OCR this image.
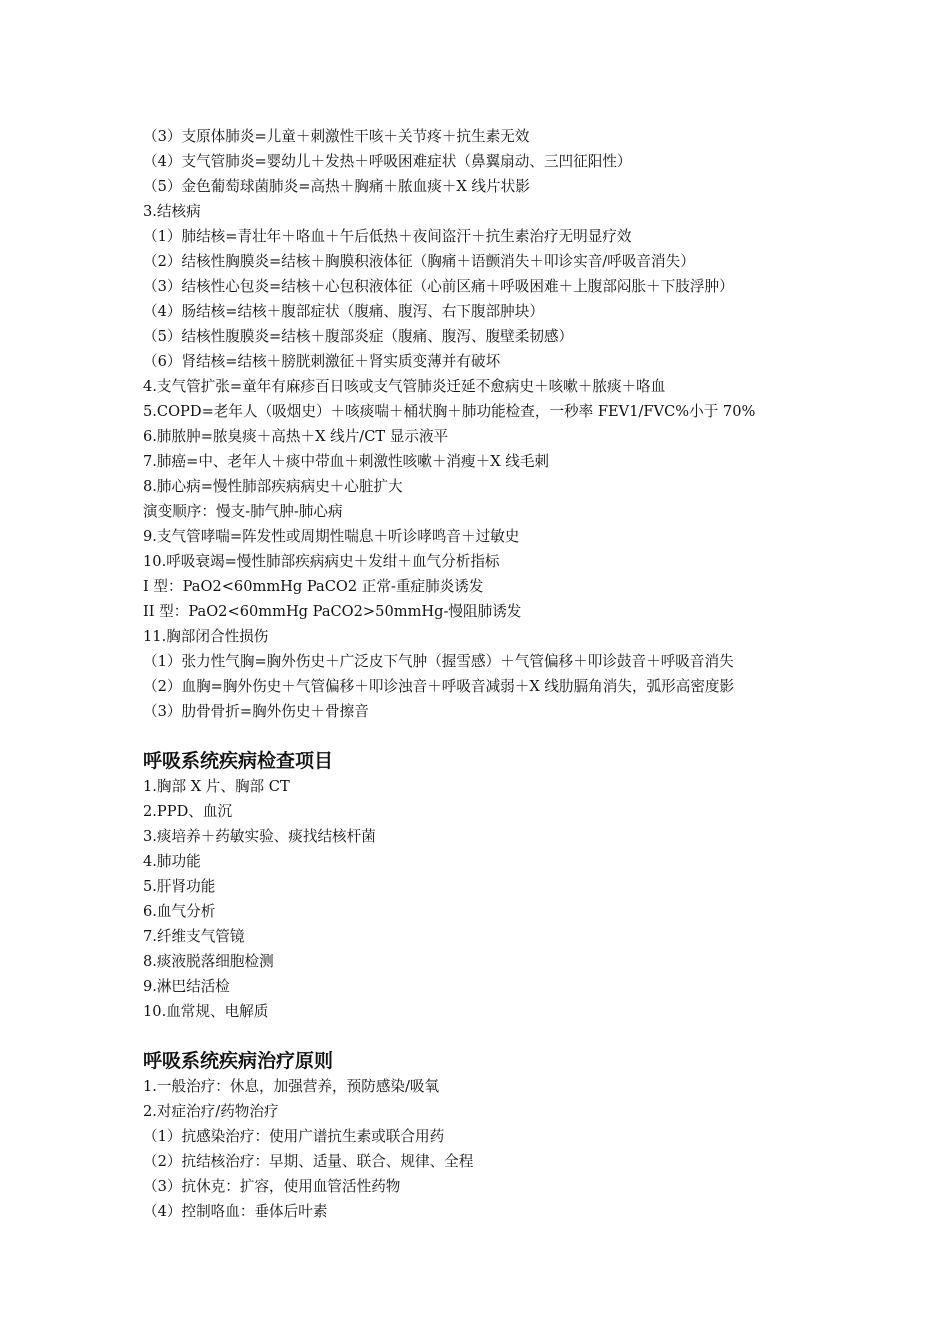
（3）支原体肺炎=儿童＋刺激性干咳＋关节疼＋抗生素无效
（4）支气管肺炎=婴幼儿＋发热＋呼吸困难症状（鼻翼扇动、三凹征阳性）
（5）金色葡萄球菌肺炎=高热＋胸痛＋脓血痰＋X 线片状影
3.结核病
（1）肺结核=青壮年＋咯血＋午后低热＋夜间盗汗＋抗生素治疗无明显疗效
（2）结核性胸膜炎=结核＋胸膜积液体征（胸痛＋语颤消失＋叩诊实音/呼吸音消失）
（3）结核性心包炎=结核＋心包积液体征（心前区痛＋呼吸困难＋上腹部闷胀＋下肢浮肿）
（4）肠结核=结核＋腹部症状（腹痛、腹泻、右下腹部肿块）
（5）结核性腹膜炎=结核＋腹部炎症（腹痛、腹泻、腹壁柔韧感）
（6）肾结核=结核＋膀胱刺激征＋肾实质变薄并有破坏
4.支气管扩张=童年有麻疹百日咳或支气管肺炎迁延不愈病史＋咳嗽＋脓痰＋咯血
5.COPD=老年人（吸烟史）＋咳痰喘＋桶状胸＋肺功能检查，一秒率 FEV1/FVC%小于 70%
6.肺脓肿=脓臭痰＋高热＋X 线片/CT 显示液平
7.肺癌=中、老年人＋痰中带血＋刺激性咳嗽＋消瘦＋X 线毛刺
8.肺心病=慢性肺部疾病病史＋心脏扩大
演变顺序：慢支-肺气肿-肺心病
9.支气管哮喘=阵发性或周期性喘息＋听诊哮鸣音＋过敏史
10.呼吸衰竭=慢性肺部疾病病史＋发绀＋血气分析指标
I 型：PaO2<60mmHg PaCO2 正常-重症肺炎诱发
II 型：PaO2<60mmHg PaCO2>50mmHg-慢阻肺诱发
11.胸部闭合性损伤
（1）张力性气胸=胸外伤史＋广泛皮下气肿（握雪感）＋气管偏移＋叩诊鼓音＋呼吸音消失
（2）血胸=胸外伤史＋气管偏移＋叩诊浊音＋呼吸音减弱＋X 线肋膈角消失，弧形高密度影
（3）肋骨骨折=胸外伤史＋骨擦音
呼吸系统疾病检查项目
1.胸部 X 片、胸部 CT
2.PPD、血沉
3.痰培养＋药敏实验、痰找结核杆菌
4.肺功能
5.肝肾功能
6.血气分析
7.纤维支气管镜
8.痰液脱落细胞检测
9.淋巴结活检
10.血常规、电解质
呼吸系统疾病治疗原则
1.一般治疗：休息，加强营养，预防感染/吸氧
2.对症治疗/药物治疗
（1）抗感染治疗：使用广谱抗生素或联合用药
（2）抗结核治疗：早期、适量、联合、规律、全程
（3）抗休克：扩容，使用血管活性药物
（4）控制咯血：垂体后叶素
